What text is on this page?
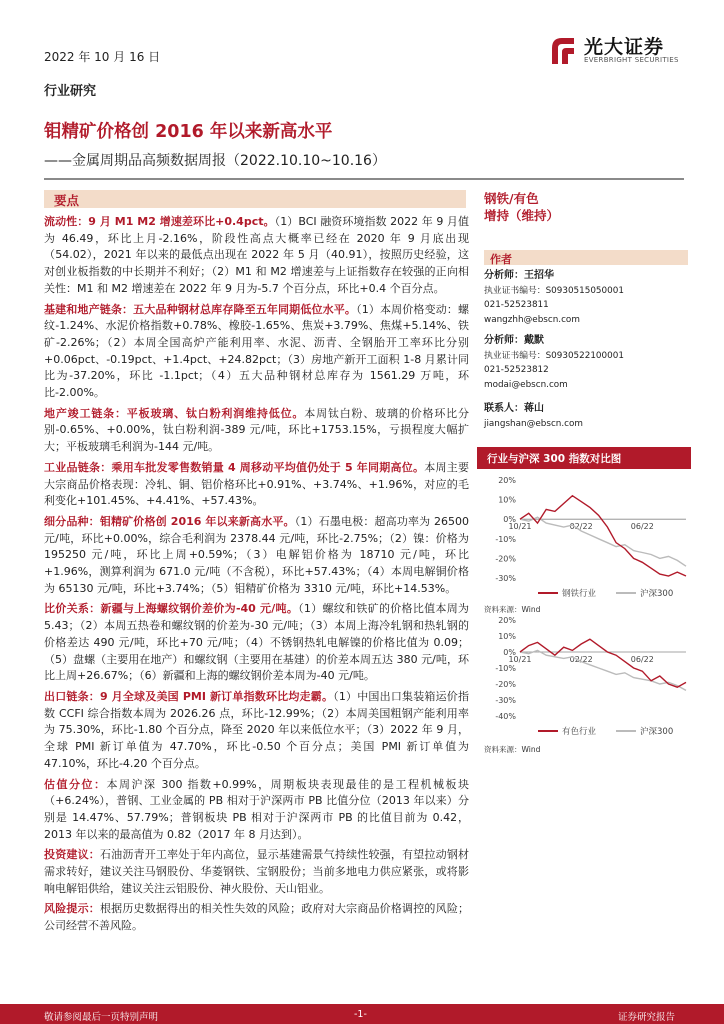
2022 年 10 月 16 日	光大证券
EVERBRIGHT SECURITIES
行业研究
钼精矿价格创 2016 年以来新高水平
——金属周期品高频数据周报（2022.10.10~10.16）
要点

流动性：9 月 M1 M2 增速差环比+0.4pct。（1）BCI 融资环境指数 2022 年 9 月值为 46.49，环比上月-2.16%，阶段性高点大概率已经在 2020 年 9 月底出现（54.02），2021 年以来的最低点出现在 2022 年 5 月（40.91），按照历史经验，这对创业板指数的中长期并不利好；（2）M1 和 M2 增速差与上证指数存在较强的正向相关性：M1 和 M2 增速差在 2022 年 9 月为-5.7 个百分点，环比+0.4 个百分点。

基建和地产链条：五大品种钢材总库存降至五年同期低位水平。（1）本周价格变动：螺纹-1.24%、水泥价格指数+0.78%、橡胶-1.65%、焦炭+3.79%、焦煤+5.14%、铁矿-2.26%；（2）本周全国高炉产能利用率、水泥、沥青、全钢胎开工率环比分别+0.06pct、-0.19pct、+1.4pct、+24.82pct；（3）房地产新开工面积 1-8 月累计同比为-37.20%，环比 -1.1pct；（4）五大品种钢材总库存为 1561.29 万吨，环比-2.00%。

地产竣工链条：平板玻璃、钛白粉利润维持低位。本周钛白粉、玻璃的价格环比分别-0.65%、+0.00%，钛白粉利润-389 元/吨，环比+1753.15%，亏损程度大幅扩大；平板玻璃毛利润为-144 元/吨。

工业品链条：乘用车批发零售数销量 4 周移动平均值仍处于 5 年同期高位。本周主要大宗商品价格表现：冷轧、铜、铝价格环比+0.91%、+3.74%、+1.96%，对应的毛利变化+101.45%、+4.41%、+57.43%。

细分品种：钼精矿价格创 2016 年以来新高水平。（1）石墨电极：超高功率为 26500 元/吨，环比+0.00%，综合毛利润为 2378.44 元/吨，环比-2.75%；（2）镍：价格为 195250 元/吨，环比上周+0.59%；（3）电解铝价格为 18710 元/吨，环比+1.96%，测算利润为 671.0 元/吨（不含税），环比+57.43%；（4）本周电解铜价格为 65130 元/吨，环比+3.74%；（5）钼精矿价格为 3310 元/吨，环比+14.53%。

比价关系：新疆与上海螺纹钢价差价为-40 元/吨。（1）螺纹和铁矿的价格比值本周为 5.43；（2）本周五热卷和螺纹钢的价差为-30 元/吨；（3）本周上海冷轧钢和热轧钢的价格差达 490 元/吨，环比+70 元/吨；（4）不锈钢热轧电解镍的价格比值为 0.09；（5）盘螺（主要用在地产）和螺纹钢（主要用在基建）的价差本周五达 380 元/吨，环比上周+26.67%；（6）新疆和上海的螺纹钢价差本周为-40 元/吨。

出口链条：9 月全球及美国 PMI 新订单指数环比均走霸。（1）中国出口集装箱运价指数 CCFI 综合指数本周为 2026.26 点，环比-12.99%；（2）本周美国粗钢产能利用率为 75.30%，环比-1.80 个百分点，降至 2020 年以来低位水平；（3）2022 年 9 月，全球 PMI 新订单值为 47.70%，环比-0.50 个百分点；美国 PMI 新订单值为 47.10%，环比-4.20 个百分点。

估值分位：本周沪深 300 指数+0.99%，周期板块表现最佳的是工程机械板块（+6.24%），普钢、工业金属的 PB 相对于沪深两市 PB 比值分位（2013 年以来）分别是 14.47%、57.79%；普钢板块 PB 相对于沪深两市 PB 的比值目前为 0.42，2013 年以来的最高值为 0.82（2017 年 8 月达到）。

投资建议：石油沥青开工率处于年内高位，显示基建需景气持续性较强，有望拉动钢材需求转好，建议关注马钢股份、华菱钢铁、宝钢股份；当前多地电力供应紧张，或将影响电解铝供给，建议关注云铝股份、神火股份、天山铝业。

风险提示：根据历史数据得出的相关性失效的风险；政府对大宗商品价格调控的风险；公司经营不善风险。

钢铁/有色
增持（维持）
作者
分析师：王招华
执业证书编号：S0930515050001
021-52523811
wangzhh@ebscn.com
分析师：戴默
执业证书编号：S0930522100001
021-52523812
modai@ebscn.com
联系人：蒋山
jiangshan@ebscn.com
行业与沪深 300 指数对比图
20%
10%
0%
-10%
-20%
-30%
10/21	02/22	06/22
钢铁行业	沪深300
资料来源：Wind
20%
10%
0%
-10%
-20%
-30%
-40%
10/21	02/22	06/22
有色行业	沪深300
资料来源：Wind
敬请参阅最后一页特别声明	-1-	证券研究报告
